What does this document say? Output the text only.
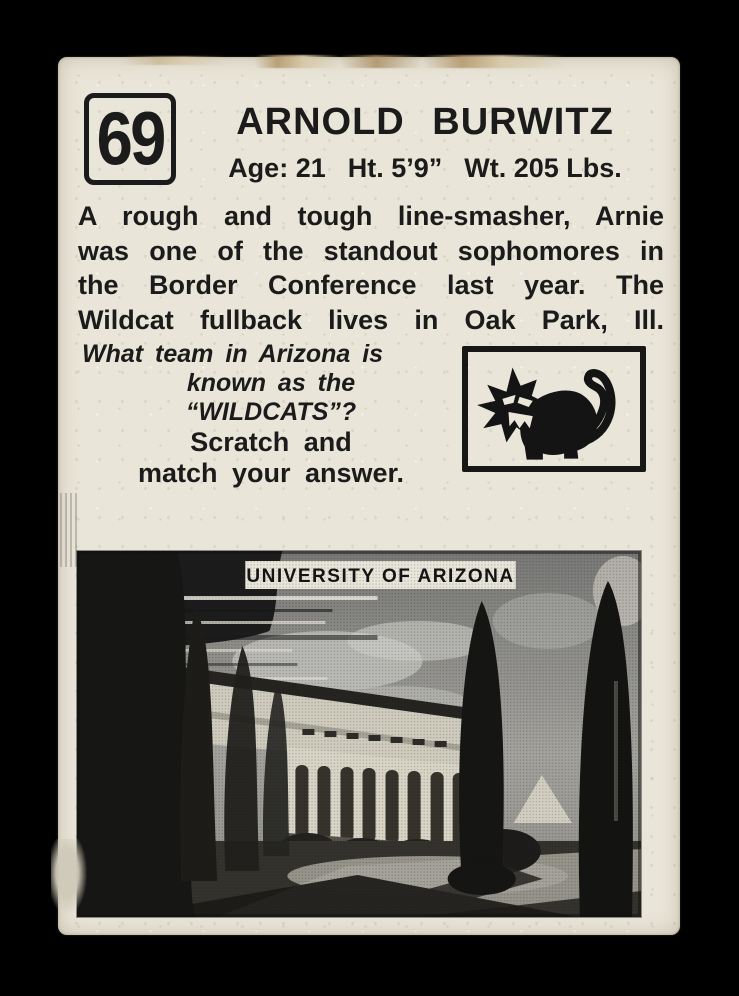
69	ARNOLD BURWITZ
Age: 21 Ht. 5’9” Wt. 205 Lbs.
A rough and tough line-smasher, Arnie
was one of the standout sophomores in
the Border Conference last year. The
Wildcat fullback lives in Oak Park, Ill.
What team in Arizona is
known as the
“WILDCATS”?
Scratch and
match your answer.
